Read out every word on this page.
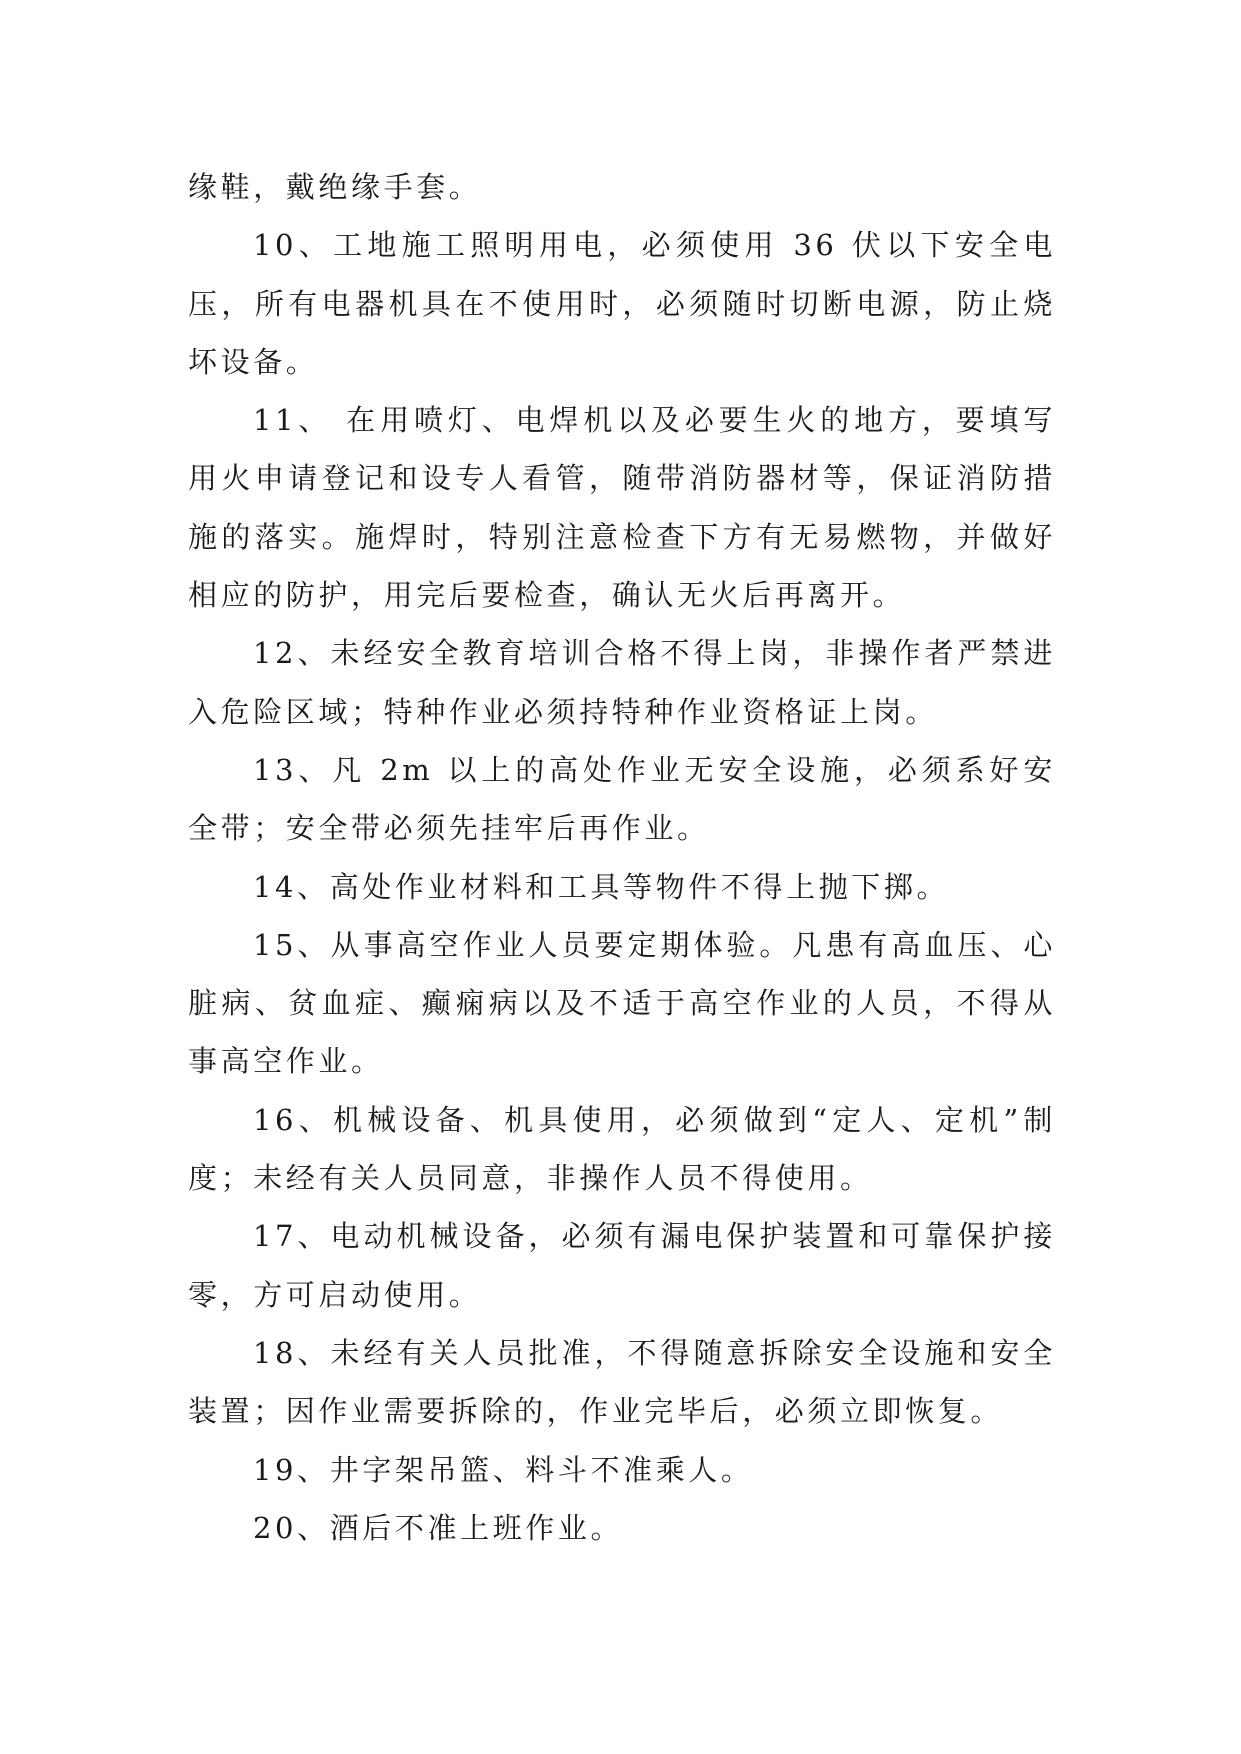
缘鞋，戴绝缘手套。

10、工地施工照明用电，必须使用 36 伏以下安全电压，所有电器机具在不使用时，必须随时切断电源，防止烧坏设备。

11、 在用喷灯、电焊机以及必要生火的地方，要填写用火申请登记和设专人看管，随带消防器材等，保证消防措施的落实。施焊时，特别注意检查下方有无易燃物，并做好相应的防护，用完后要检查，确认无火后再离开。

12、未经安全教育培训合格不得上岗，非操作者严禁进入危险区域；特种作业必须持特种作业资格证上岗。

13、凡 2m 以上的高处作业无安全设施，必须系好安全带；安全带必须先挂牢后再作业。

14、高处作业材料和工具等物件不得上抛下掷。

15、从事高空作业人员要定期体验。凡患有高血压、心脏病、贫血症、癫痫病以及不适于高空作业的人员，不得从事高空作业。

16、机械设备、机具使用，必须做到“定人、定机”制度；未经有关人员同意，非操作人员不得使用。

17、电动机械设备，必须有漏电保护装置和可靠保护接零，方可启动使用。

18、未经有关人员批准，不得随意拆除安全设施和安全装置；因作业需要拆除的，作业完毕后，必须立即恢复。

19、井字架吊篮、料斗不准乘人。

20、酒后不准上班作业。
